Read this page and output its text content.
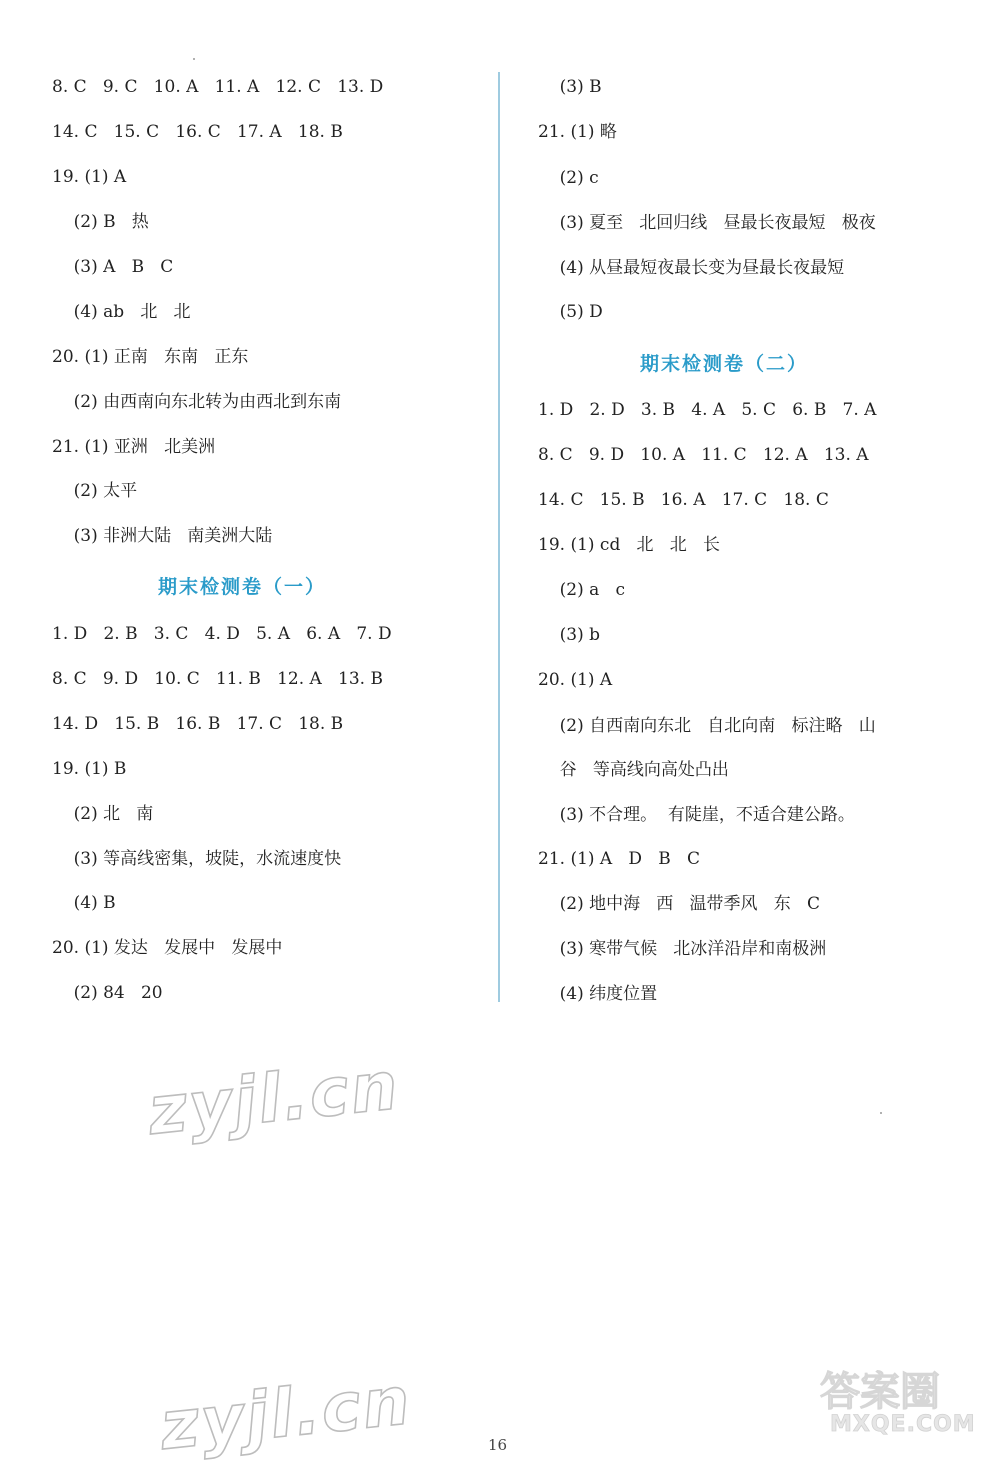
8. C   9. C   10. A   11. A   12. C   13. D
14. C   15. C   16. C   17. A   18. B
19. (1) A
(2) B   热
(3) A   B   C
(4) ab   北   北
20. (1) 正南   东南   正东
(2) 由西南向东北转为由西北到东南
21. (1) 亚洲   北美洲
(2) 太平
(3) 非洲大陆   南美洲大陆
期末检测卷（一）
1. D   2. B   3. C   4. D   5. A   6. A   7. D
8. C   9. D   10. C   11. B   12. A   13. B
14. D   15. B   16. B   17. C   18. B
19. (1) B
(2) 北   南
(3) 等高线密集，坡陡，水流速度快
(4) B
20. (1) 发达   发展中   发展中
(2) 84   20
(3) B
21. (1) 略
(2) c
(3) 夏至   北回归线   昼最长夜最短   极夜
(4) 从昼最短夜最长变为昼最长夜最短
(5) D
期末检测卷（二）
1. D   2. D   3. B   4. A   5. C   6. B   7. A
8. C   9. D   10. A   11. C   12. A   13. A
14. C   15. B   16. A   17. C   18. C
19. (1) cd   北   北   长
(2) a   c
(3) b
20. (1) A
(2) 自西南向东北   自北向南   标注略   山
谷   等高线向高处凸出
(3) 不合理。  有陡崖，不适合建公路。
21. (1) A   D   B   C
(2) 地中海   西   温带季风   东   C
(3) 寒带气候   北冰洋沿岸和南极洲
(4) 纬度位置
zyjl.cn
zyjl.cn	答案圈
MXQE.COM
16
